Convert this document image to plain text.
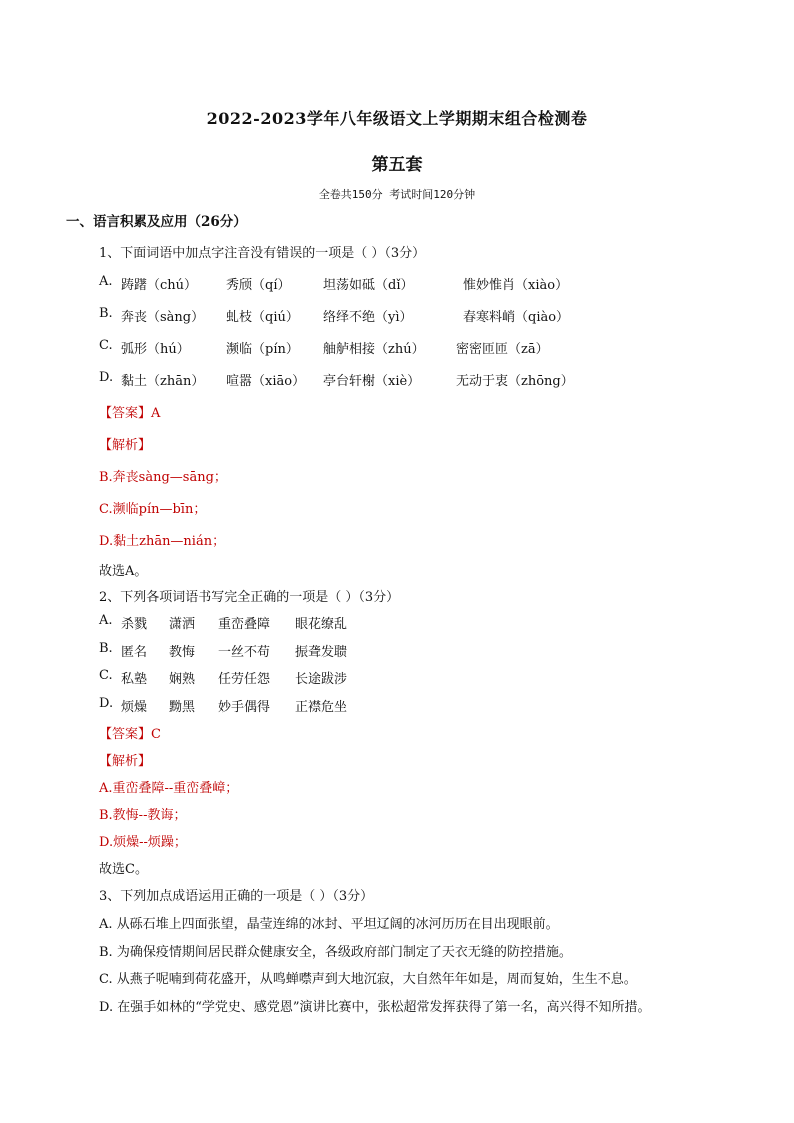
2022-2023学年八年级语文上学期期末组合检测卷
第五套
全卷共150分 考试时间120分钟
一、语言积累及应用（26分）
1、下面词语中加点字注音没有错误的一项是（ ）（3分）
A. 踌躇（chú） 秀颀（qí）	坦荡如砥（dǐ）	惟妙惟肖（xiào）
B. 奔丧（sàng） 虬枝（qiú） 络绎不绝（yì）	春寒料峭（qiào）
C. 弧形（hú）	濒临（pín） 舳舻相接（zhú） 密密匝匝（zā）
D. 黏土（zhān） 喧嚣（xiāo） 亭台轩榭（xiè）	无动于衷（zhōng）
【答案】A
【解析】
B.奔丧sàng—sāng；
C.濒临pín—bīn；
D.黏土zhān—nián；
故选A。
2、下列各项词语书写完全正确的一项是（ ）（3分）
A. 杀戮 潇洒 重峦叠障 眼花缭乱
B. 匿名 教悔 一丝不苟 振聋发聩
C. 私塾 娴熟 任劳任怨 长途跋涉
D. 烦燥 黝黑 妙手偶得 正襟危坐
【答案】C
【解析】
A.重峦叠障--重峦叠嶂；
B.教悔--教诲；
D.烦燥--烦躁；
故选C。
3、下列加点成语运用正确的一项是（ ）（3分）
A. 从砾石堆上四面张望，晶莹连绵的冰封、平坦辽阔的冰河历历在目出现眼前。
B. 为确保疫情期间居民群众健康安全，各级政府部门制定了天衣无缝的防控措施。
C. 从燕子呢喃到荷花盛开，从鸣蝉噤声到大地沉寂，大自然年年如是，周而复始，生生不息。
D. 在强手如林的“学党史、感党恩”演讲比赛中，张松超常发挥获得了第一名，高兴得不知所措。
